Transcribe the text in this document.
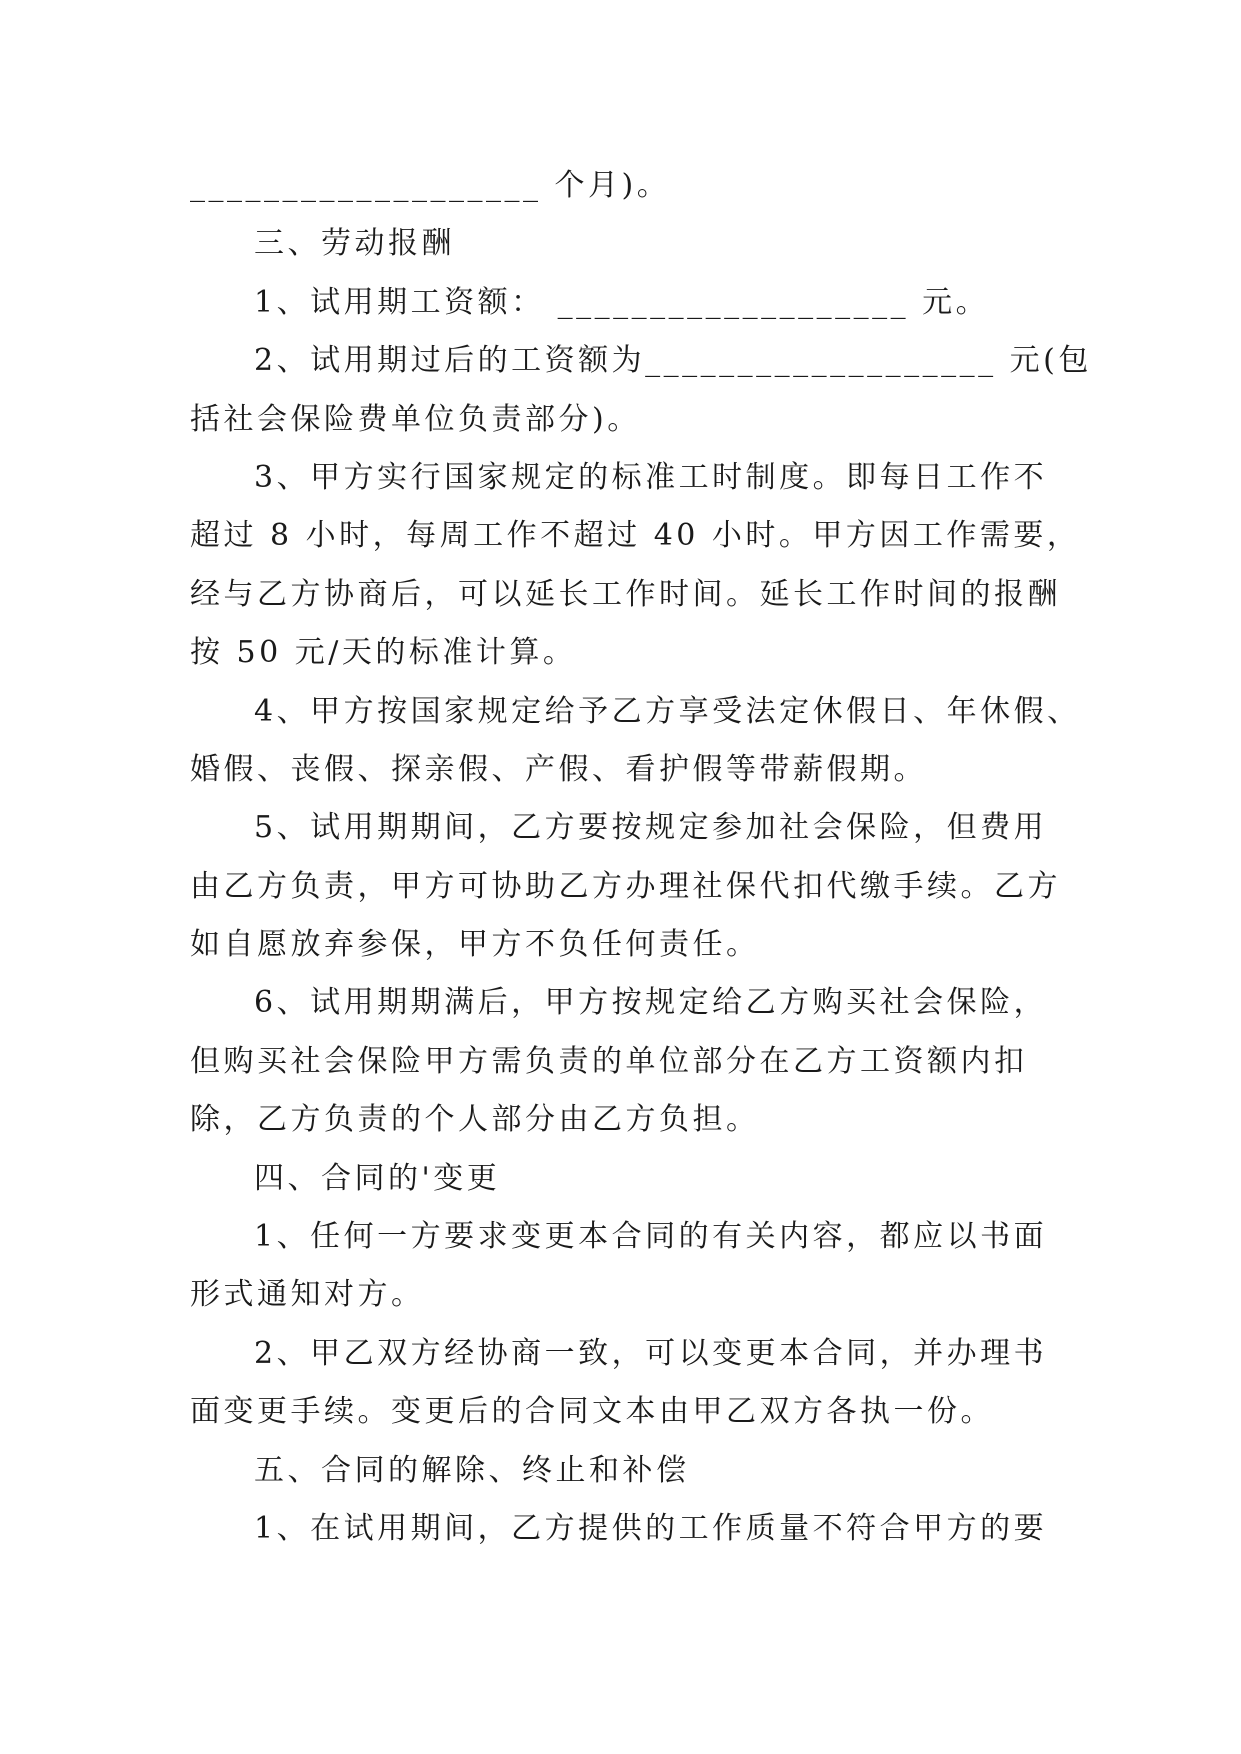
___________________ 个月)。
三、劳动报酬
1、试用期工资额： ___________________ 元。
2、试用期过后的工资额为___________________ 元(包
括社会保险费单位负责部分)。
3、甲方实行国家规定的标准工时制度。即每日工作不
超过 8 小时，每周工作不超过 40 小时。甲方因工作需要，
经与乙方协商后，可以延长工作时间。延长工作时间的报酬
按 50 元/天的标准计算。
4、甲方按国家规定给予乙方享受法定休假日、年休假、
婚假、丧假、探亲假、产假、看护假等带薪假期。
5、试用期期间，乙方要按规定参加社会保险，但费用
由乙方负责，甲方可协助乙方办理社保代扣代缴手续。乙方
如自愿放弃参保，甲方不负任何责任。
6、试用期期满后，甲方按规定给乙方购买社会保险，
但购买社会保险甲方需负责的单位部分在乙方工资额内扣
除，乙方负责的个人部分由乙方负担。
四、合同的'变更
1、任何一方要求变更本合同的有关内容，都应以书面
形式通知对方。
2、甲乙双方经协商一致，可以变更本合同，并办理书
面变更手续。变更后的合同文本由甲乙双方各执一份。
五、合同的解除、终止和补偿
1、在试用期间，乙方提供的工作质量不符合甲方的要
